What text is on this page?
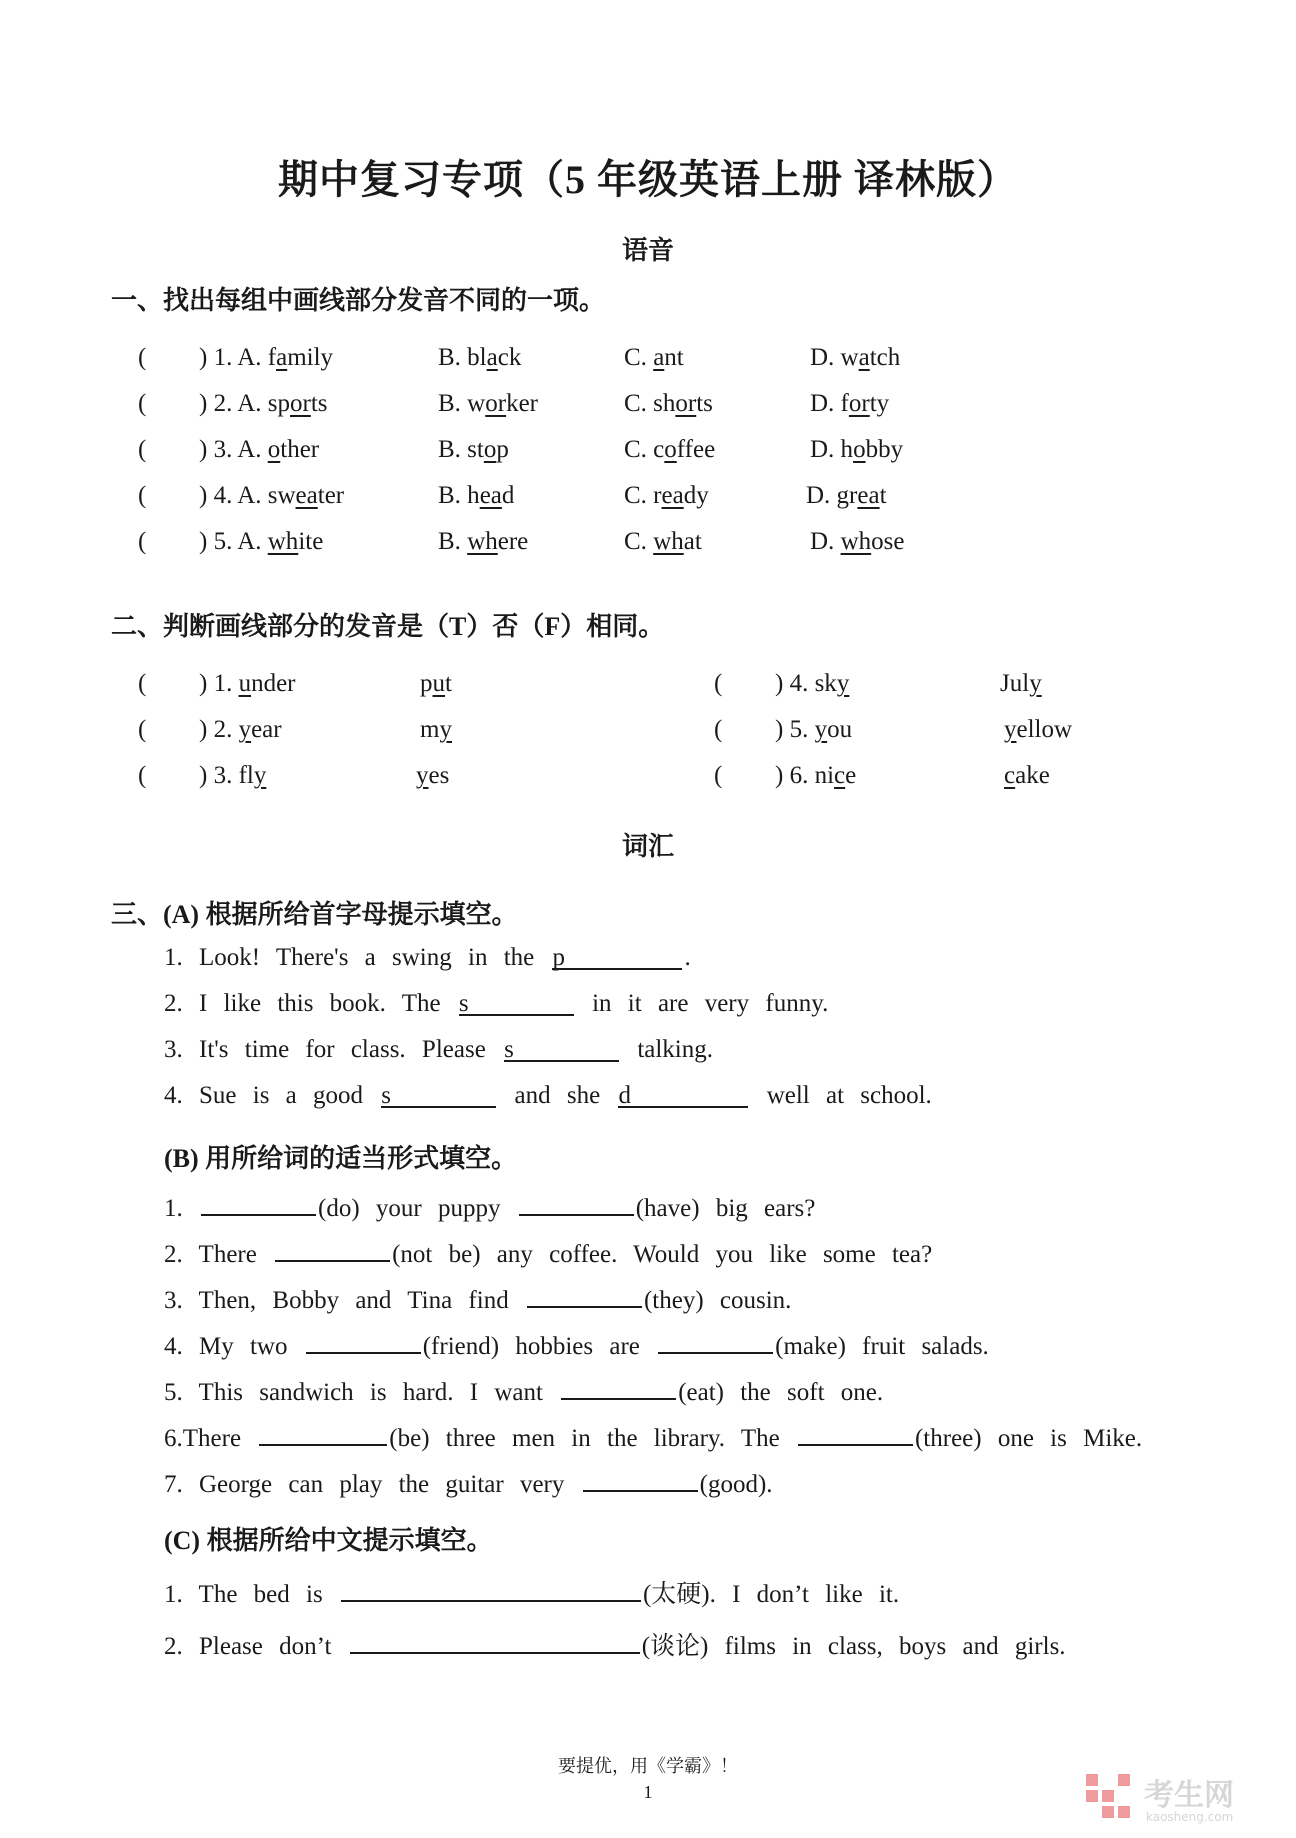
期中复习专项（5 年级英语上册 译林版）
语音
一、找出每组中画线部分发音不同的一项。
( ) 1. A. family	B. black	C. ant	D. watch
( ) 2. A. sports	B. worker	C. shorts	D. forty
( ) 3. A. other	B. stop	C. coffee	D. hobby
( ) 4. A. sweater	B. head	C. ready	D. great
( ) 5. A. white	B. where	C. what	D. whose
二、判断画线部分的发音是（T）否（F）相同。
( ) 1. under	put	( ) 4. sky	July
( ) 2. year	my	( ) 5. you	yellow
( ) 3. fly	yes	( ) 6. nice	cake
词汇
三、(A) 根据所给首字母提示填空。
1. Look! There's a swing in the p	.
2. I like this book. The s	in it are very funny.
3. It's time for class. Please s	talking.
4. Sue is a good s	and she d	well at school.
(B) 用所给词的适当形式填空。
1.	(do) your puppy	(have) big ears?
2. There	(not be) any coffee. Would you like some tea?
3. Then, Bobby and Tina find	(they) cousin.
4. My two	(friend) hobbies are	(make) fruit salads.
5. This sandwich is hard. I want	(eat) the soft one.
6.There	(be) three men in the library. The	(three) one is Mike.
7. George can play the guitar very	(good).
(C) 根据所给中文提示填空。
1. The bed is	(太硬). I don’t like it.
2. Please don’t	(谈论) films in class, boys and girls.
要提优，用《学霸》！
1	考生网
kaosheng.com
